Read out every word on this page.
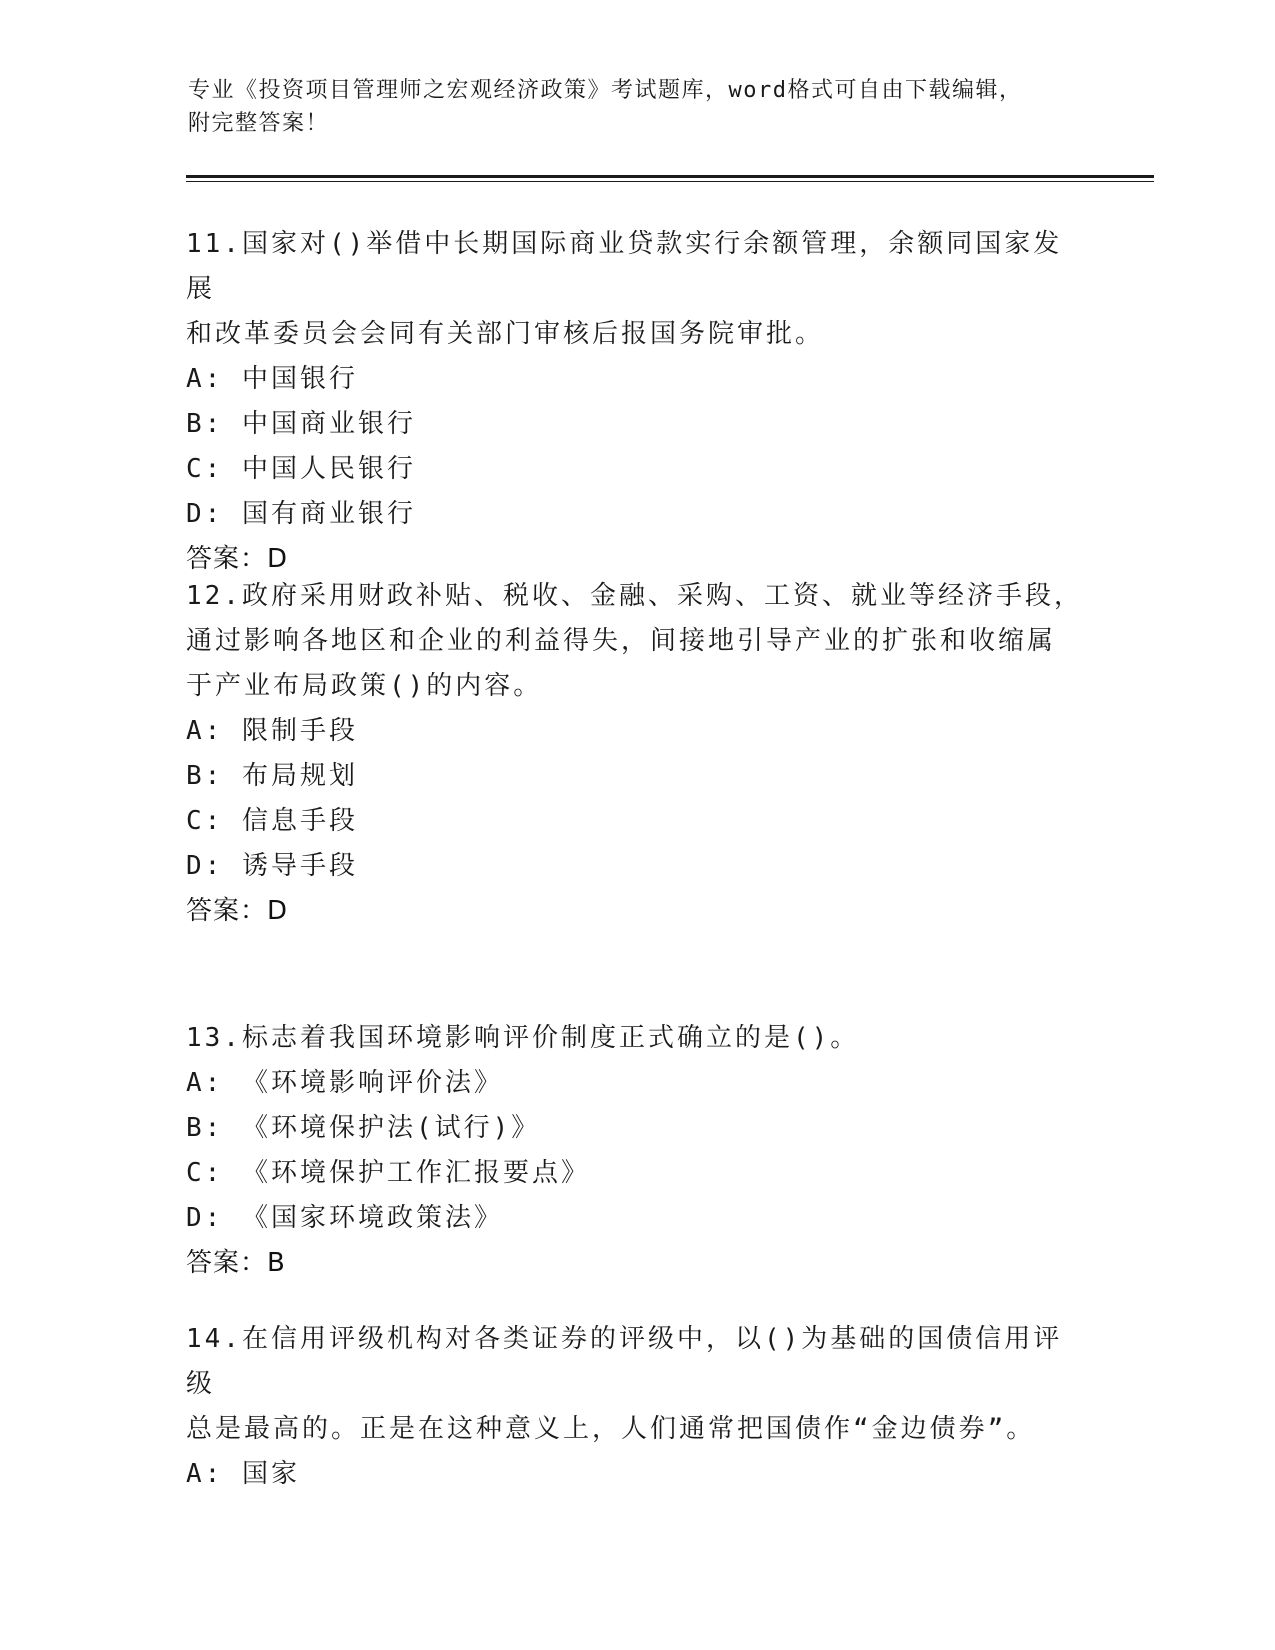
专业《投资项目管理师之宏观经济政策》考试题库，word格式可自由下载编辑，
附完整答案！
11.国家对()举借中长期国际商业贷款实行余额管理，余额同国家发展
和改革委员会会同有关部门审核后报国务院审批。
A: 中国银行
B: 中国商业银行
C: 中国人民银行
D: 国有商业银行
答案：D
12.政府采用财政补贴、税收、金融、采购、工资、就业等经济手段，
通过影响各地区和企业的利益得失，间接地引导产业的扩张和收缩属
于产业布局政策()的内容。
A: 限制手段
B: 布局规划
C: 信息手段
D: 诱导手段
答案：D
13.标志着我国环境影响评价制度正式确立的是()。
A: 《环境影响评价法》
B: 《环境保护法(试行)》
C: 《环境保护工作汇报要点》
D: 《国家环境政策法》
答案：B
14.在信用评级机构对各类证券的评级中，以()为基础的国债信用评级
总是最高的。正是在这种意义上，人们通常把国债作“金边债券”。
A: 国家
